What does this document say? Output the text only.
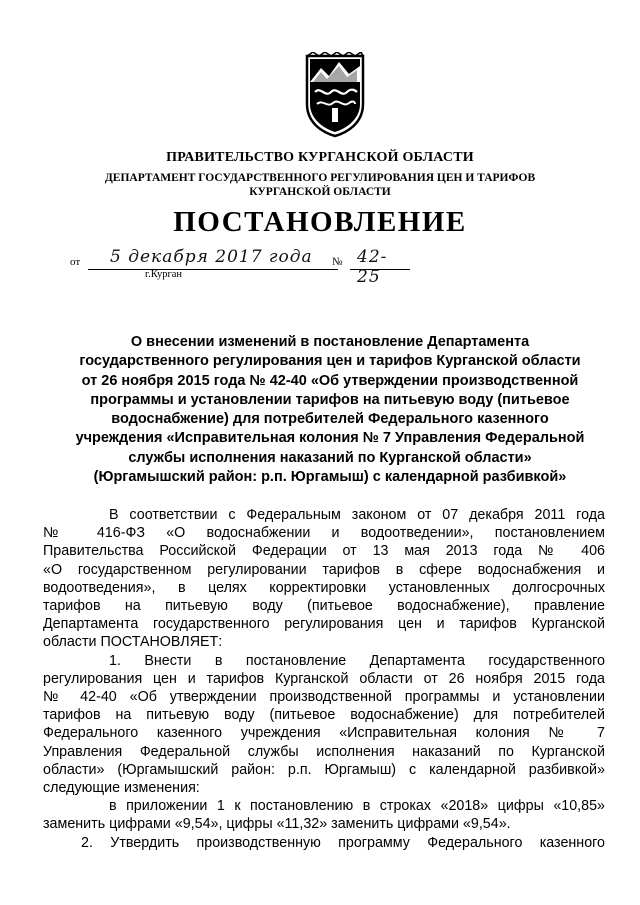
ПРАВИТЕЛЬСТВО КУРГАНСКОЙ ОБЛАСТИ
ДЕПАРТАМЕНТ ГОСУДАРСТВЕННОГО РЕГУЛИРОВАНИЯ ЦЕН И ТАРИФОВ
КУРГАНСКОЙ ОБЛАСТИ
ПОСТАНОВЛЕНИЕ
от 5 декабря 2017 года № 42-25
г.Курган
О внесении изменений в постановление Департамента
государственного регулирования цен и тарифов Курганской области
от 26 ноября 2015 года № 42-40 «Об утверждении производственной
программы и установлении тарифов на питьевую воду (питьевое
водоснабжение) для потребителей Федерального казенного
учреждения «Исправительная колония № 7 Управления Федеральной
службы исполнения наказаний по Курганской области»
(Юргамышский район: р.п. Юргамыш) с календарной разбивкой»

В соответствии с Федеральным законом от 07 декабря 2011 года

№ 416-ФЗ «О водоснабжении и водоотведении», постановлением

Правительства Российской Федерации от 13 мая 2013 года № 406

«О государственном регулировании тарифов в сфере водоснабжения и

водоотведения», в целях корректировки установленных долгосрочных

тарифов на питьевую воду (питьевое водоснабжение), правление

Департамента государственного регулирования цен и тарифов Курганской

области ПОСТАНОВЛЯЕТ:

1. Внести в постановление Департамента государственного

регулирования цен и тарифов Курганской области от 26 ноября 2015 года

№ 42-40 «Об утверждении производственной программы и установлении

тарифов на питьевую воду (питьевое водоснабжение) для потребителей

Федерального казенного учреждения «Исправительная колония № 7

Управления Федеральной службы исполнения наказаний по Курганской

области» (Юргамышский район: р.п. Юргамыш) с календарной разбивкой»

следующие изменения:

в приложении 1 к постановлению в строках «2018» цифры «10,85»

заменить цифрами «9,54», цифры «11,32» заменить цифрами «9,54».

2. Утвердить производственную программу Федерального казенного
